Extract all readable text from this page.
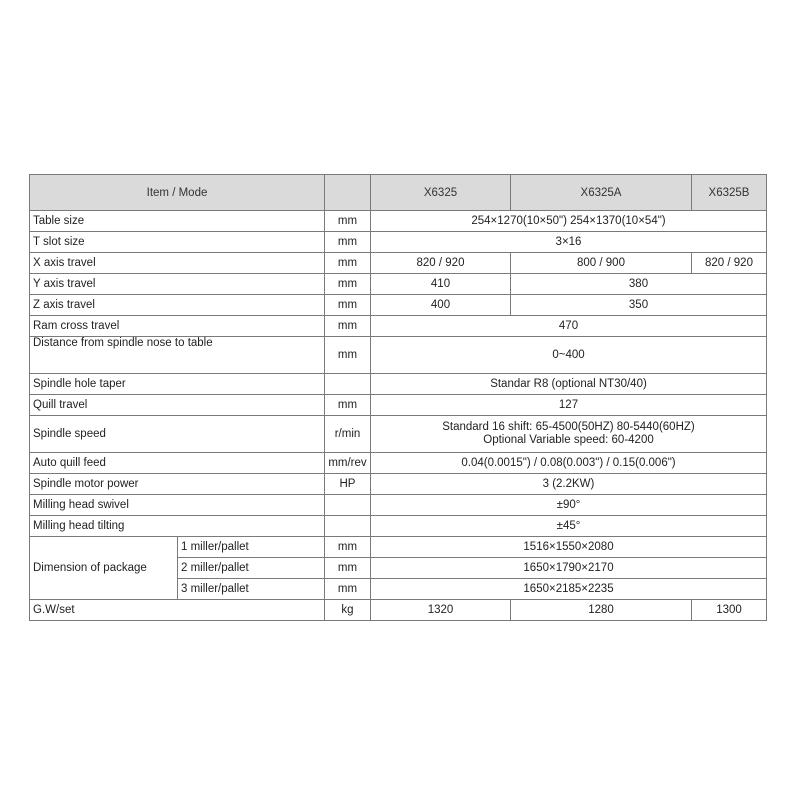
Item / Mode			X6325	X6325A	X6325B
Table size		mm	254×1270(10×50") 254×1370(10×54")		
T slot size		mm	3×16		
X axis travel		mm	820 / 920	800 / 900	820 / 920
Y axis travel		mm	410	380	
Z axis travel		mm	400	350	
Ram cross travel		mm	470		
Distance from spindle nose to table		mm	0~400		
Spindle hole taper			Standar R8 (optional NT30/40)		
Quill travel		mm	127		
Spindle speed		r/min	Standard 16 shift: 65-4500(50HZ) 80-5440(60HZ)
Optional Variable speed: 60-4200		

Auto quill feed		mm/rev	0.04(0.0015") / 0.08(0.003") / 0.15(0.006")		
Spindle motor power		HP	3 (2.2KW)		
Milling head swivel			±90°		
Milling head tilting			±45°		
Dimension of package	1 miller/pallet	mm	1516×1550×2080		
	2 miller/pallet	mm	1650×1790×2170		
	3 miller/pallet	mm	1650×2185×2235		
G.W/set		kg	1320	1280	1300
